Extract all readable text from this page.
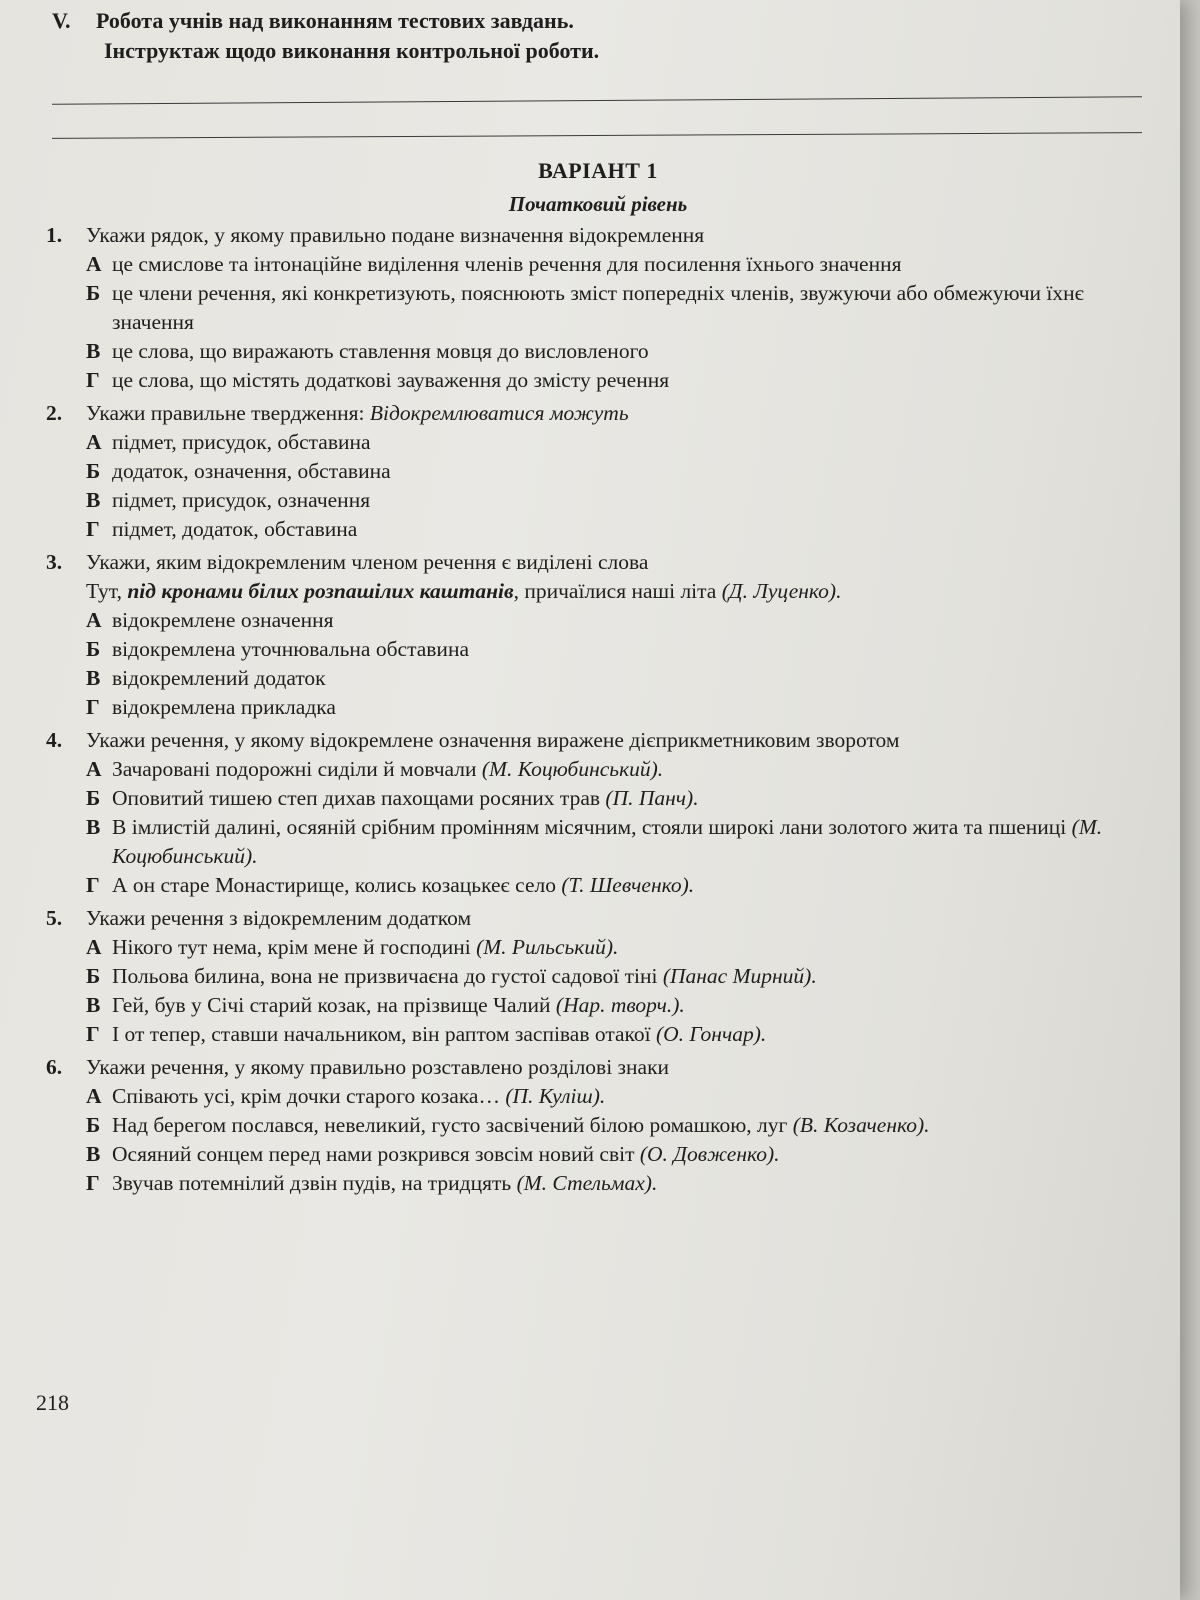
V. Робота учнів над виконанням тестових завдань.
Інструктаж щодо виконання контрольної роботи.
ВАРІАНТ 1
Початковий рівень
1.	Укажи рядок, у якому правильно подане визначення відокремлення
А це смислове та інтонаційне виділення членів речення для посилення їхнього значення
Б це члени речення, які конкретизують, пояснюють зміст попередніх членів, звужуючи або обмежуючи їхнє значення
В це слова, що виражають ставлення мовця до висловленого
Г це слова, що містять додаткові зауваження до змісту речення
2.	Укажи правильне твердження: Відокремлюватися можуть
А підмет, присудок, обставина
Б додаток, означення, обставина
В підмет, присудок, означення
Г підмет, додаток, обставина
3.	Укажи, яким відокремленим членом речення є виділені слова
Тут, під кронами білих розпашілих каштанів, причаїлися наші літа (Д. Луценко).
А відокремлене означення
Б відокремлена уточнювальна обставина
В відокремлений додаток
Г відокремлена прикладка
4.	Укажи речення, у якому відокремлене означення виражене дієприкметниковим зворотом
А Зачаровані подорожні сиділи й мовчали (М. Коцюбинський).
Б Оповитий тишею степ дихав пахощами росяних трав (П. Панч).
В В імлистій далині, осяяній срібним промінням місячним, стояли широкі лани золотого жита та пшениці (М. Коцюбинський).
Г А он старе Монастирище, колись козацькеє село (Т. Шевченко).
5.	Укажи речення з відокремленим додатком
А Нікого тут нема, крім мене й господині (М. Рильський).
Б Польова билина, вона не призвичаєна до густої садової тіні (Панас Мирний).
В Гей, був у Січі старий козак, на прізвище Чалий (Нар. творч.).
Г І от тепер, ставши начальником, він раптом заспівав отакої (О. Гончар).
6.	Укажи речення, у якому правильно розставлено розділові знаки
А Співають усі, крім дочки старого козака… (П. Куліш).
Б Над берегом послався, невеликий, густо засвічений білою ромашкою, луг (В. Козаченко).
В Осяяний сонцем перед нами розкрився зовсім новий світ (О. Довженко).
Г Звучав потемнілий дзвін пудів, на тридцять (М. Стельмах).
218
